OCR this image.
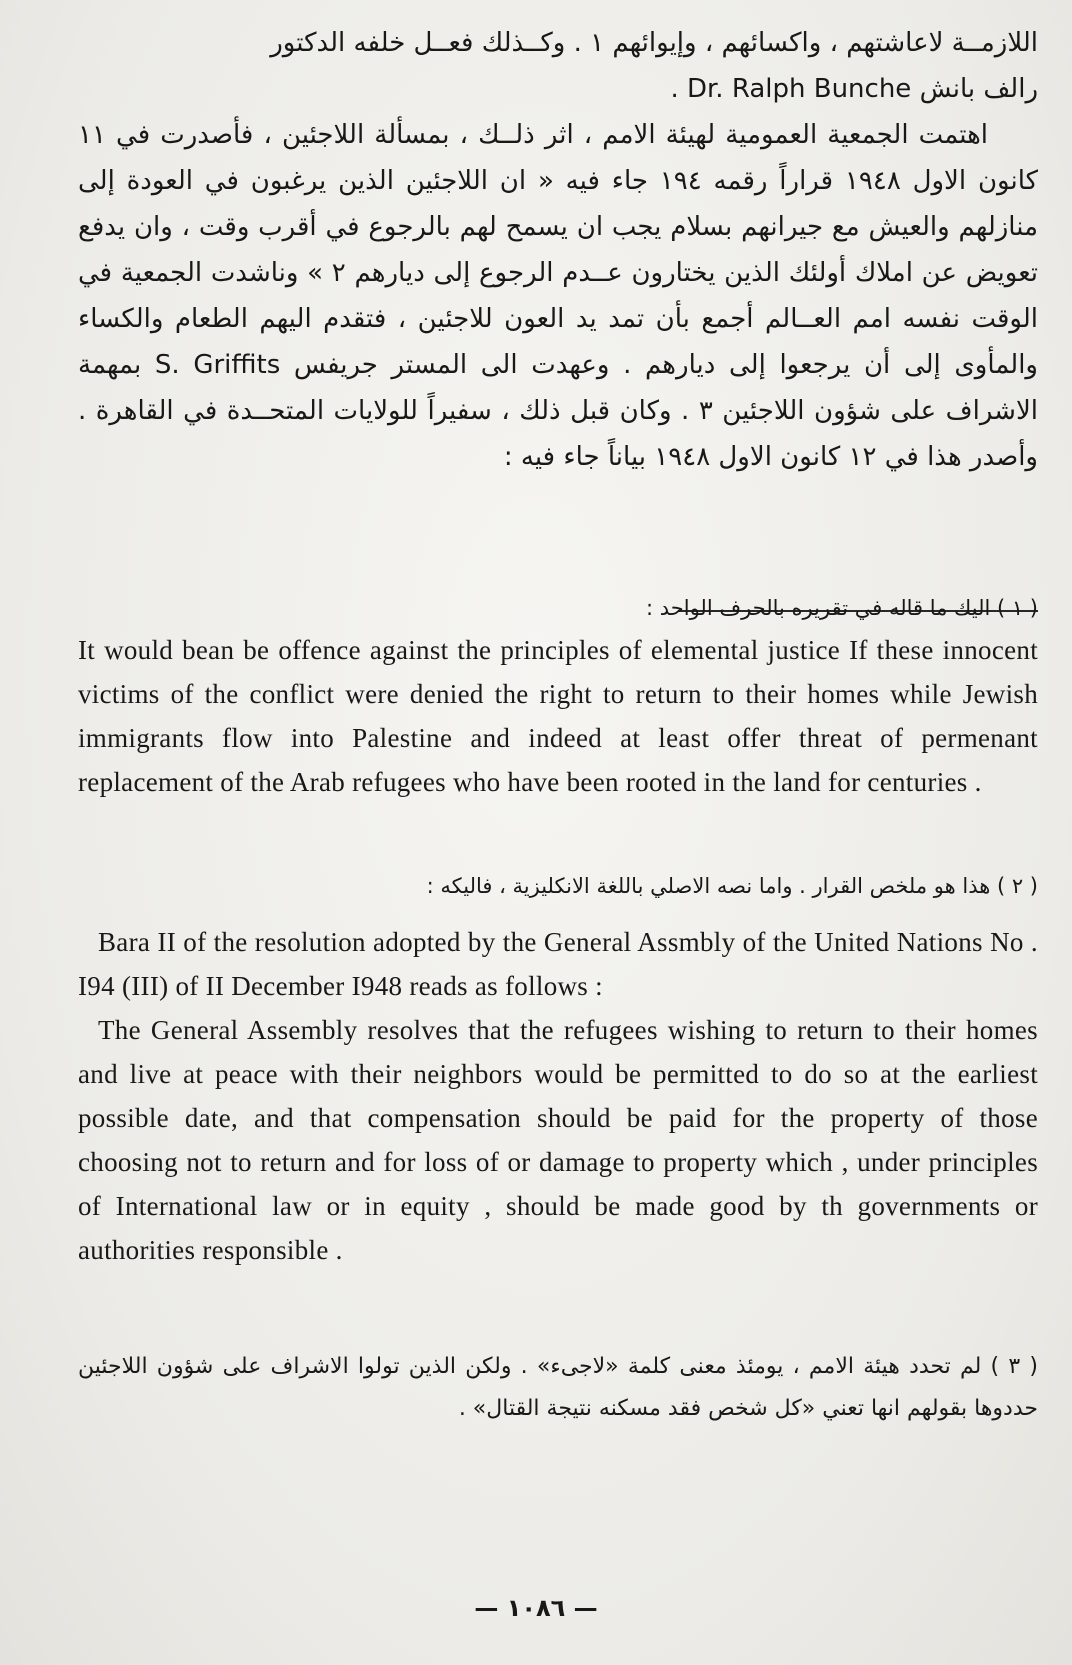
اللازمــة لاعاشتهم ، واكسائهم ، وإيوائهم ١ . وكــذلك فعــل خلفه الدكتور

رالف بانش Dr. Ralph Bunche .

اهتمت الجمعية العمومية لهيئة الامم ، اثر ذلــك ، بمسألة اللاجئين ، فأصدرت في ١١ كانون الاول ١٩٤٨ قراراً رقمه ١٩٤ جاء فيه « ان اللاجئين الذين يرغبون في العودة إلى منازلهم والعيش مع جيرانهم بسلام يجب ان يسمح لهم بالرجوع في أقرب وقت ، وان يدفع تعويض عن املاك أولئك الذين يختارون عــدم الرجوع إلى ديارهم ٢ » وناشدت الجمعية في الوقت نفسه امم العــالم أجمع بأن تمد يد العون للاجئين ، فتقدم اليهم الطعام والكساء والمأوى إلى أن يرجعوا إلى ديارهم . وعهدت الى المستر جريفس S. Griffits بمهمة الاشراف على شؤون اللاجئين ٣ . وكان قبل ذلك ، سفيراً للولايات المتحــدة في القاهرة . وأصدر هذا في ١٢ كانون الاول ١٩٤٨ بياناً جاء فيه :

( ١ ) اليك ما قاله في تقريره بالحرف الواحد :

It would bean be offence against the principles of elemental justice If these innocent victims of the conflict were denied the right to return to their homes while Jewish immigrants flow into Palestine and indeed at least offer threat of permenant replacement of the Arab refugees who have been rooted in the land for centuries .

( ٢ ) هذا هو ملخص القرار . واما نصه الاصلي باللغة الانكليزية ، فاليكه :

Bara II of the resolution adopted by the General Assmbly of the United Nations No . I94 (III) of II December I948 reads as follows :

The General Assembly resolves that the refugees wishing to return to their homes and live at peace with their neighbors would be permitted to do so at the earliest possible date, and that compensation should be paid for the property of those choosing not to return and for loss of or damage to property which , under principles of International law or in equity , should be made good by th governments or authorities responsible .

( ٣ ) لم تحدد هيئة الامم ، يومئذ معنى كلمة «لاجىء» . ولكن الذين تولوا الاشراف على شؤون اللاجئين حددوها بقولهم انها تعني «كل شخص فقد مسكنه نتيجة القتال» .
— ١٠٨٦ —
